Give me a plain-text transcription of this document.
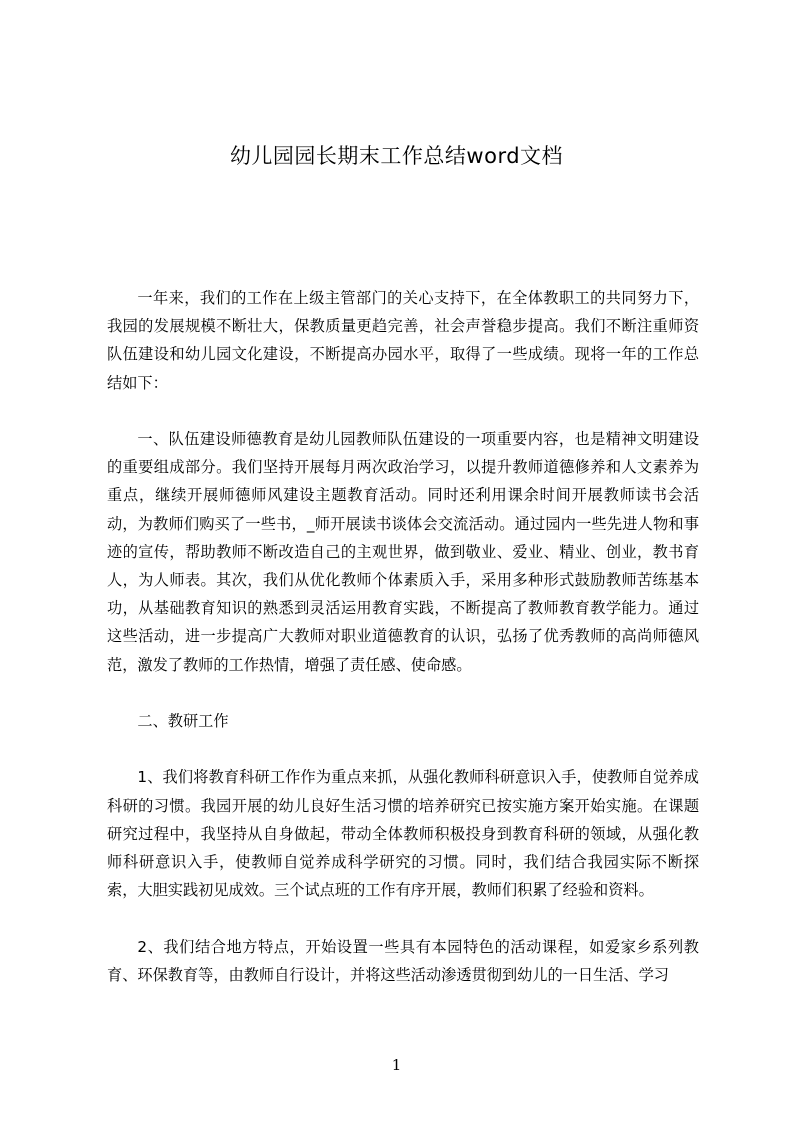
幼儿园园长期末工作总结word文档

一年来，我们的工作在上级主管部门的关心支持下，在全体教职工的共同努力下，我园的发展规模不断壮大，保教质量更趋完善，社会声誉稳步提高。我们不断注重师资队伍建设和幼儿园文化建设，不断提高办园水平，取得了一些成绩。现将一年的工作总结如下：

一、队伍建设师德教育是幼儿园教师队伍建设的一项重要内容，也是精神文明建设的重要组成部分。我们坚持开展每月两次政治学习，以提升教师道德修养和人文素养为重点，继续开展师德师风建设主题教育活动。同时还利用课余时间开展教师读书会活动，为教师们购买了一些书，_师开展读书谈体会交流活动。通过园内一些先进人物和事迹的宣传，帮助教师不断改造自己的主观世界，做到敬业、爱业、精业、创业，教书育人，为人师表。其次，我们从优化教师个体素质入手，采用多种形式鼓励教师苦练基本功，从基础教育知识的熟悉到灵活运用教育实践，不断提高了教师教育教学能力。通过这些活动，进一步提高广大教师对职业道德教育的认识，弘扬了优秀教师的高尚师德风范，激发了教师的工作热情，增强了责任感、使命感。

二、教研工作

1、我们将教育科研工作作为重点来抓，从强化教师科研意识入手，使教师自觉养成科研的习惯。我园开展的幼儿良好生活习惯的培养研究已按实施方案开始实施。在课题研究过程中，我坚持从自身做起，带动全体教师积极投身到教育科研的领域，从强化教师科研意识入手，使教师自觉养成科学研究的习惯。同时，我们结合我园实际不断探索，大胆实践初见成效。三个试点班的工作有序开展，教师们积累了经验和资料。

2、我们结合地方特点，开始设置一些具有本园特色的活动课程，如爱家乡系列教育、环保教育等，由教师自行设计，并将这些活动渗透贯彻到幼儿的一日生活、学习

1
